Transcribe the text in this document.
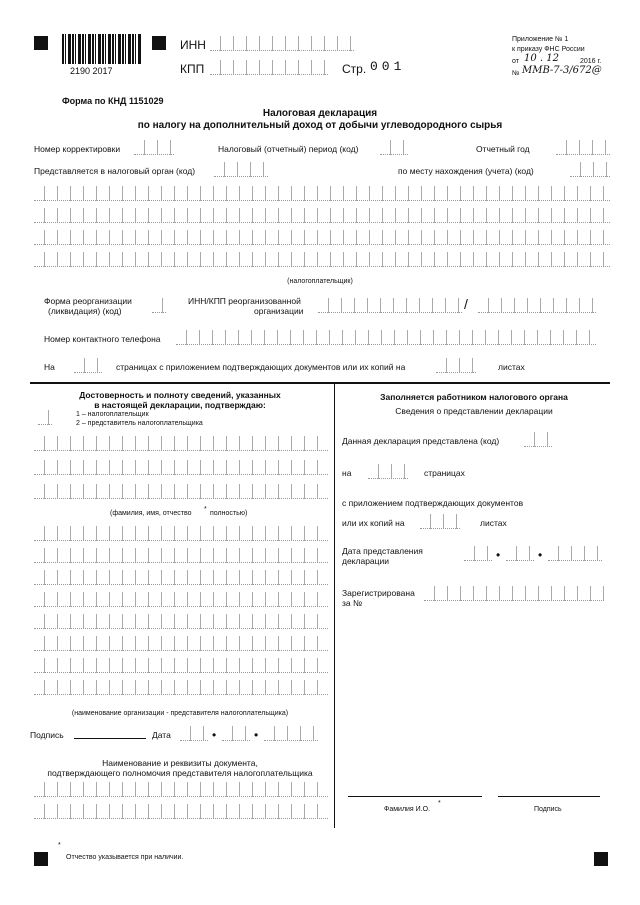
2190 2017
ИНН
КПП	Стр. 001
Приложение № 1
к приказу ФНС России
от 10 . 12	2016 г.
№ ММВ-7-3/672@
Форма по КНД 1151029
Налоговая декларация
по налогу на дополнительный доход от добычи углеводородного сырья
Номер корректировки	Налоговый (отчетный) период (код)	Отчетный год
Представляется в налоговый орган (код)	по месту нахождения (учета) (код)
(налогоплательщик)
Форма реорганизации
(ликвидация) (код)
ИНН/КПП реорганизованной
организации	/
Номер контактного телефона
На	страницах с приложением подтверждающих документов или их копий на	листах
Достоверность и полноту сведений, указанных
в настоящей декларации, подтверждаю:
1 – налогоплательщик
2 – представитель налогоплательщика
(фамилия, имя, отчество
*
полностью)
(наименование организации - представителя налогоплательщика)
Подпись	Дата	•	•
Наименование и реквизиты документа,
подтверждающего полномочия представителя налогоплательщика
Заполняется работником налогового органа
Сведения о представлении декларации
Данная декларация представлена (код)
на	страницах
с приложением подтверждающих документов
или их копий на	листах
Дата представления
декларации	•	•
Зарегистрирована
за №
Фамилия И.О.
*
Подпись
*
Отчество указывается при наличии.
